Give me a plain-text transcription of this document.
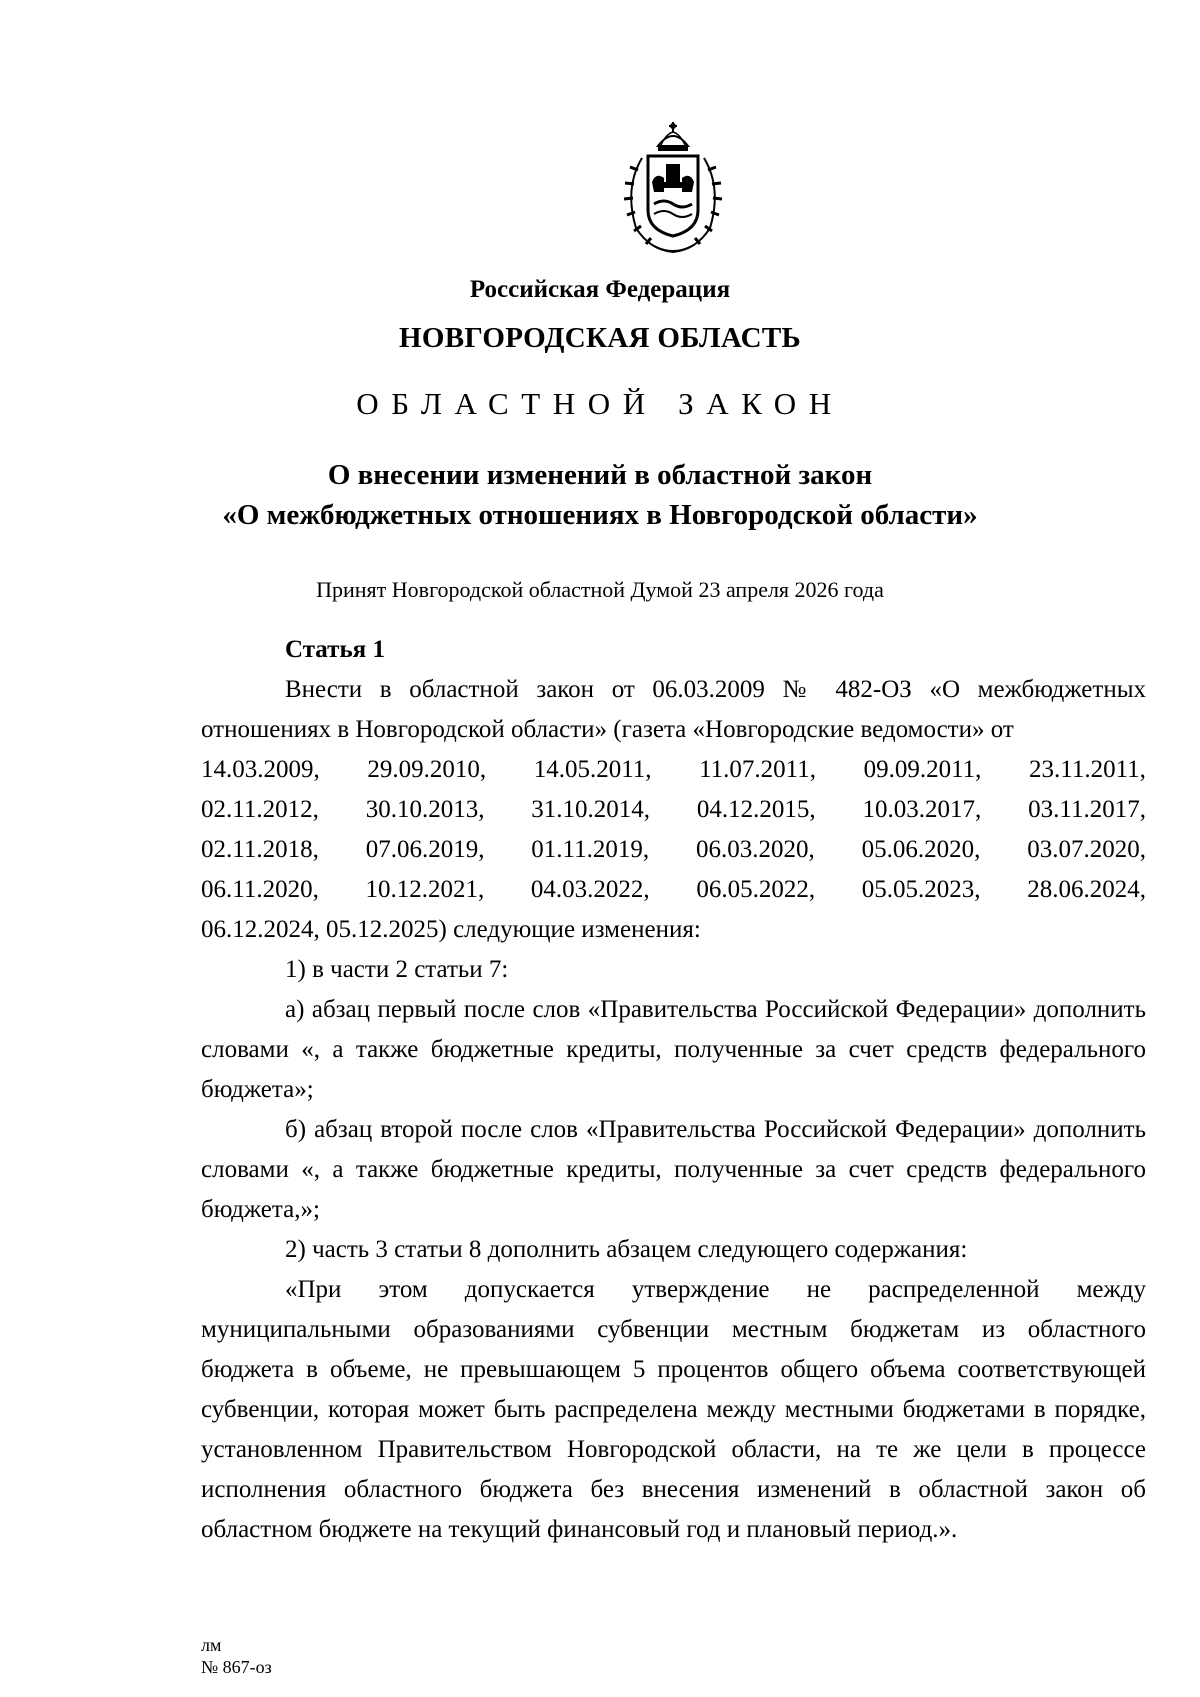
Российская Федерация
НОВГОРОДСКАЯ ОБЛАСТЬ
ОБЛАСТНОЙ ЗАКОН
О внесении изменений в областной закон
«О межбюджетных отношениях в Новгородской области»
Принят Новгородской областной Думой 23 апреля 2026 года
Статья 1

Внести в областной закон от 06.03.2009 № 482-ОЗ «О межбюджетных отношениях в Новгородской области» (газета «Новгородские ведомости» от

14.03.2009, 29.09.2010, 14.05.2011, 11.07.2011, 09.09.2011, 23.11.2011,
02.11.2012, 30.10.2013, 31.10.2014, 04.12.2015, 10.03.2017, 03.11.2017,
02.11.2018, 07.06.2019, 01.11.2019, 06.03.2020, 05.06.2020, 03.07.2020,
06.11.2020, 10.12.2021, 04.03.2022, 06.05.2022, 05.05.2023, 28.06.2024,

06.12.2024, 05.12.2025) следующие изменения:

1) в части 2 статьи 7:

а) абзац первый после слов «Правительства Российской Федерации» дополнить словами «, а также бюджетные кредиты, полученные за счет средств федерального бюджета»;

б) абзац второй после слов «Правительства Российской Федерации» дополнить словами «, а также бюджетные кредиты, полученные за счет средств федерального бюджета,»;

2) часть 3 статьи 8 дополнить абзацем следующего содержания:

«При этом допускается утверждение не распределенной между муниципальными образованиями субвенции местным бюджетам из областного бюджета в объеме, не превышающем 5 процентов общего объема соответствующей субвенции, которая может быть распределена между местными бюджетами в порядке, установленном Правительством Новгородской области, на те же цели в процессе исполнения областного бюджета без внесения изменений в областной закон об областном бюджете на текущий финансовый год и плановый период.».

лм
№ 867-оз
